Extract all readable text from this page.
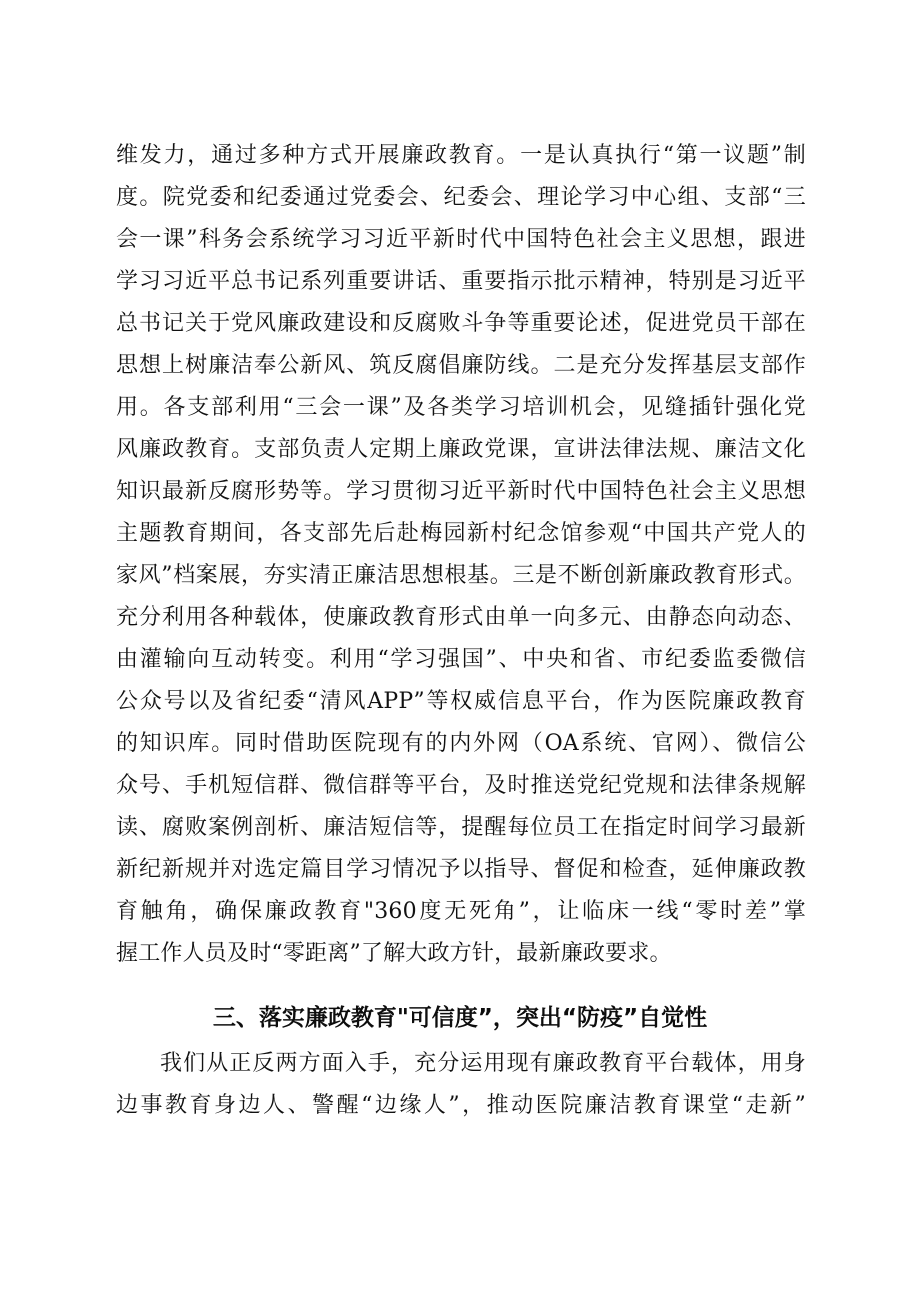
维发力，通过多种方式开展廉政教育。一是认真执行“第一议题”制
度。院党委和纪委通过党委会、纪委会、理论学习中心组、支部“三
会一课”科务会系统学习习近平新时代中国特色社会主义思想，跟进
学习习近平总书记系列重要讲话、重要指示批示精神，特别是习近平
总书记关于党风廉政建设和反腐败斗争等重要论述，促进党员干部在
思想上树廉洁奉公新风、筑反腐倡廉防线。二是充分发挥基层支部作
用。各支部利用“三会一课”及各类学习培训机会，见缝插针强化党
风廉政教育。支部负责人定期上廉政党课，宣讲法律法规、廉洁文化
知识最新反腐形势等。学习贯彻习近平新时代中国特色社会主义思想
主题教育期间，各支部先后赴梅园新村纪念馆参观“中国共产党人的
家风”档案展，夯实清正廉洁思想根基。三是不断创新廉政教育形式。
充分利用各种载体，使廉政教育形式由单一向多元、由静态向动态、
由灌输向互动转变。利用“学习强国”、中央和省、市纪委监委微信
公众号以及省纪委“清风APP”等权威信息平台，作为医院廉政教育
的知识库。同时借助医院现有的内外网（OA系统、官网）、微信公
众号、手机短信群、微信群等平台，及时推送党纪党规和法律条规解
读、腐败案例剖析、廉洁短信等，提醒每位员工在指定时间学习最新
新纪新规并对选定篇目学习情况予以指导、督促和检查，延伸廉政教
育触角，确保廉政教育"360度无死角”，让临床一线“零时差”掌
握工作人员及时“零距离”了解大政方针，最新廉政要求。
三、落实廉政教育"可信度”，突出“防疫”自觉性
我们从正反两方面入手，充分运用现有廉政教育平台载体，用身
边事教育身边人、警醒“边缘人”，推动医院廉洁教育课堂“走新”
